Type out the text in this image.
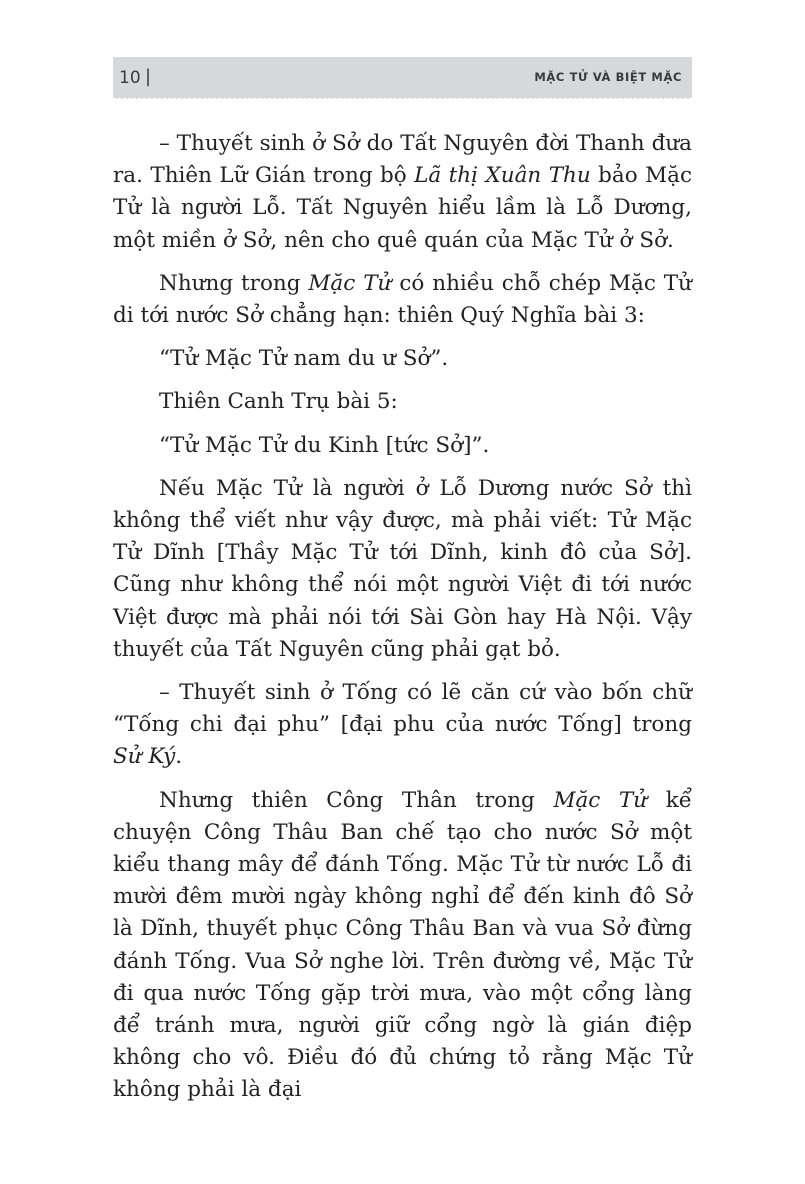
10 |	MẶC TỬ VÀ BIỆT MẶC

– Thuyết sinh ở Sở do Tất Nguyên đời Thanh đưa ra. Thiên Lữ Gián trong bộ Lã thị Xuân Thu bảo Mặc Tử là người Lỗ. Tất Nguyên hiểu lầm là Lỗ Dương, một miền ở Sở, nên cho quê quán của Mặc Tử ở Sở.

Nhưng trong Mặc Tử có nhiều chỗ chép Mặc Tử di tới nước Sở chẳng hạn: thiên Quý Nghĩa bài 3:

“Tử Mặc Tử nam du ư Sở”.

Thiên Canh Trụ bài 5:

“Tử Mặc Tử du Kinh [tức Sở]”.

Nếu Mặc Tử là người ở Lỗ Dương nước Sở thì không thể viết như vậy được, mà phải viết: Tử Mặc Tử Dĩnh [Thầy Mặc Tử tới Dĩnh, kinh đô của Sở]. Cũng như không thể nói một người Việt đi tới nước Việt được mà phải nói tới Sài Gòn hay Hà Nội. Vậy thuyết của Tất Nguyên cũng phải gạt bỏ.

– Thuyết sinh ở Tống có lẽ căn cứ vào bốn chữ “Tống chi đại phu” [đại phu của nước Tống] trong Sử Ký.

Nhưng thiên Công Thân trong Mặc Tử kể chuyện Công Thâu Ban chế tạo cho nước Sở một kiểu thang mây để đánh Tống. Mặc Tử từ nước Lỗ đi mười đêm mười ngày không nghỉ để đến kinh đô Sở là Dĩnh, thuyết phục Công Thâu Ban và vua Sở đừng đánh Tống. Vua Sở nghe lời. Trên đường về, Mặc Tử đi qua nước Tống gặp trời mưa, vào một cổng làng để tránh mưa, người giữ cổng ngờ là gián điệp không cho vô. Điều đó đủ chứng tỏ rằng Mặc Tử không phải là đại
